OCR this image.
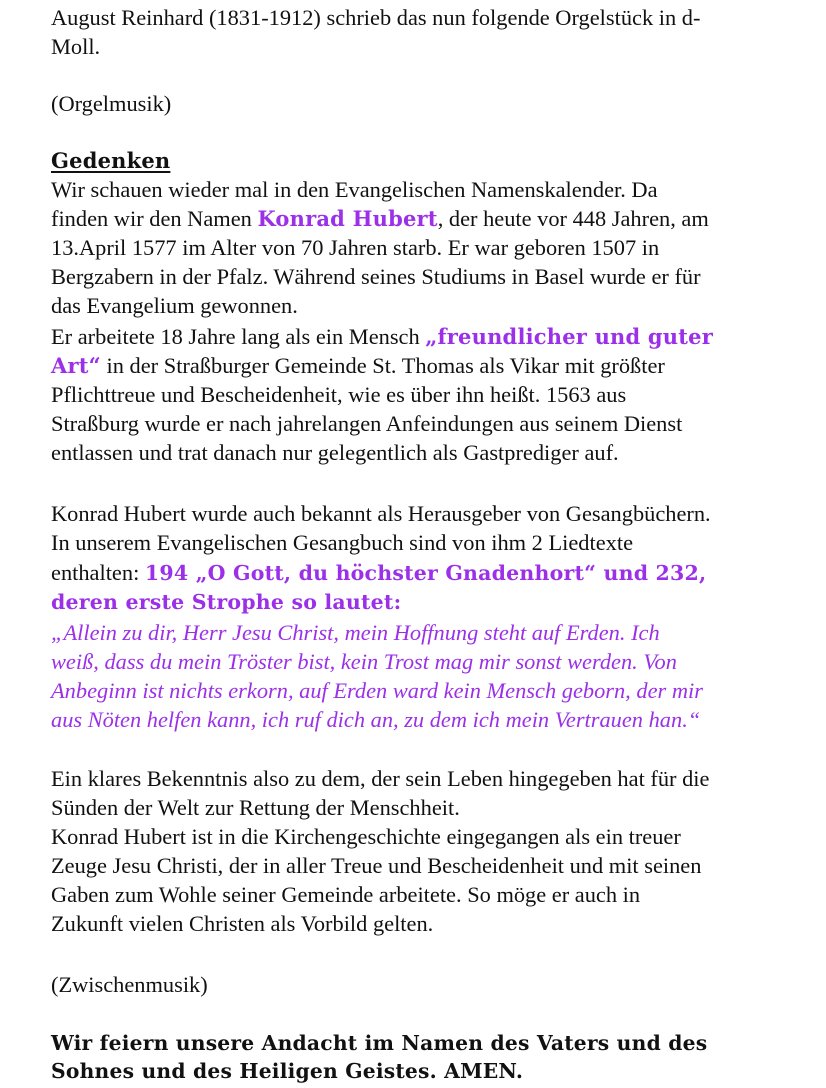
August Reinhard (1831-1912) schrieb das nun folgende Orgelstück in d-
Moll.
(Orgelmusik)
Gedenken
Wir schauen wieder mal in den Evangelischen Namenskalender. Da
finden wir den Namen Konrad Hubert, der heute vor 448 Jahren, am
13.April 1577 im Alter von 70 Jahren starb. Er war geboren 1507 in
Bergzabern in der Pfalz. Während seines Studiums in Basel wurde er für
das Evangelium gewonnen.
Er arbeitete 18 Jahre lang als ein Mensch „freundlicher und guter
Art“ in der Straßburger Gemeinde St. Thomas als Vikar mit größter
Pflichttreue und Bescheidenheit, wie es über ihn heißt. 1563 aus
Straßburg wurde er nach jahrelangen Anfeindungen aus seinem Dienst
entlassen und trat danach nur gelegentlich als Gastprediger auf.
Konrad Hubert wurde auch bekannt als Herausgeber von Gesangbüchern.
In unserem Evangelischen Gesangbuch sind von ihm 2 Liedtexte
enthalten: 194 „O Gott, du höchster Gnadenhort“ und 232,
deren erste Strophe so lautet:
„Allein zu dir, Herr Jesu Christ, mein Hoffnung steht auf Erden. Ich
weiß, dass du mein Tröster bist, kein Trost mag mir sonst werden. Von
Anbeginn ist nichts erkorn, auf Erden ward kein Mensch geborn, der mir
aus Nöten helfen kann, ich ruf dich an, zu dem ich mein Vertrauen han.“
Ein klares Bekenntnis also zu dem, der sein Leben hingegeben hat für die
Sünden der Welt zur Rettung der Menschheit.
Konrad Hubert ist in die Kirchengeschichte eingegangen als ein treuer
Zeuge Jesu Christi, der in aller Treue und Bescheidenheit und mit seinen
Gaben zum Wohle seiner Gemeinde arbeitete. So möge er auch in
Zukunft vielen Christen als Vorbild gelten.
(Zwischenmusik)
Wir feiern unsere Andacht im Namen des Vaters und des
Sohnes und des Heiligen Geistes. AMEN.
